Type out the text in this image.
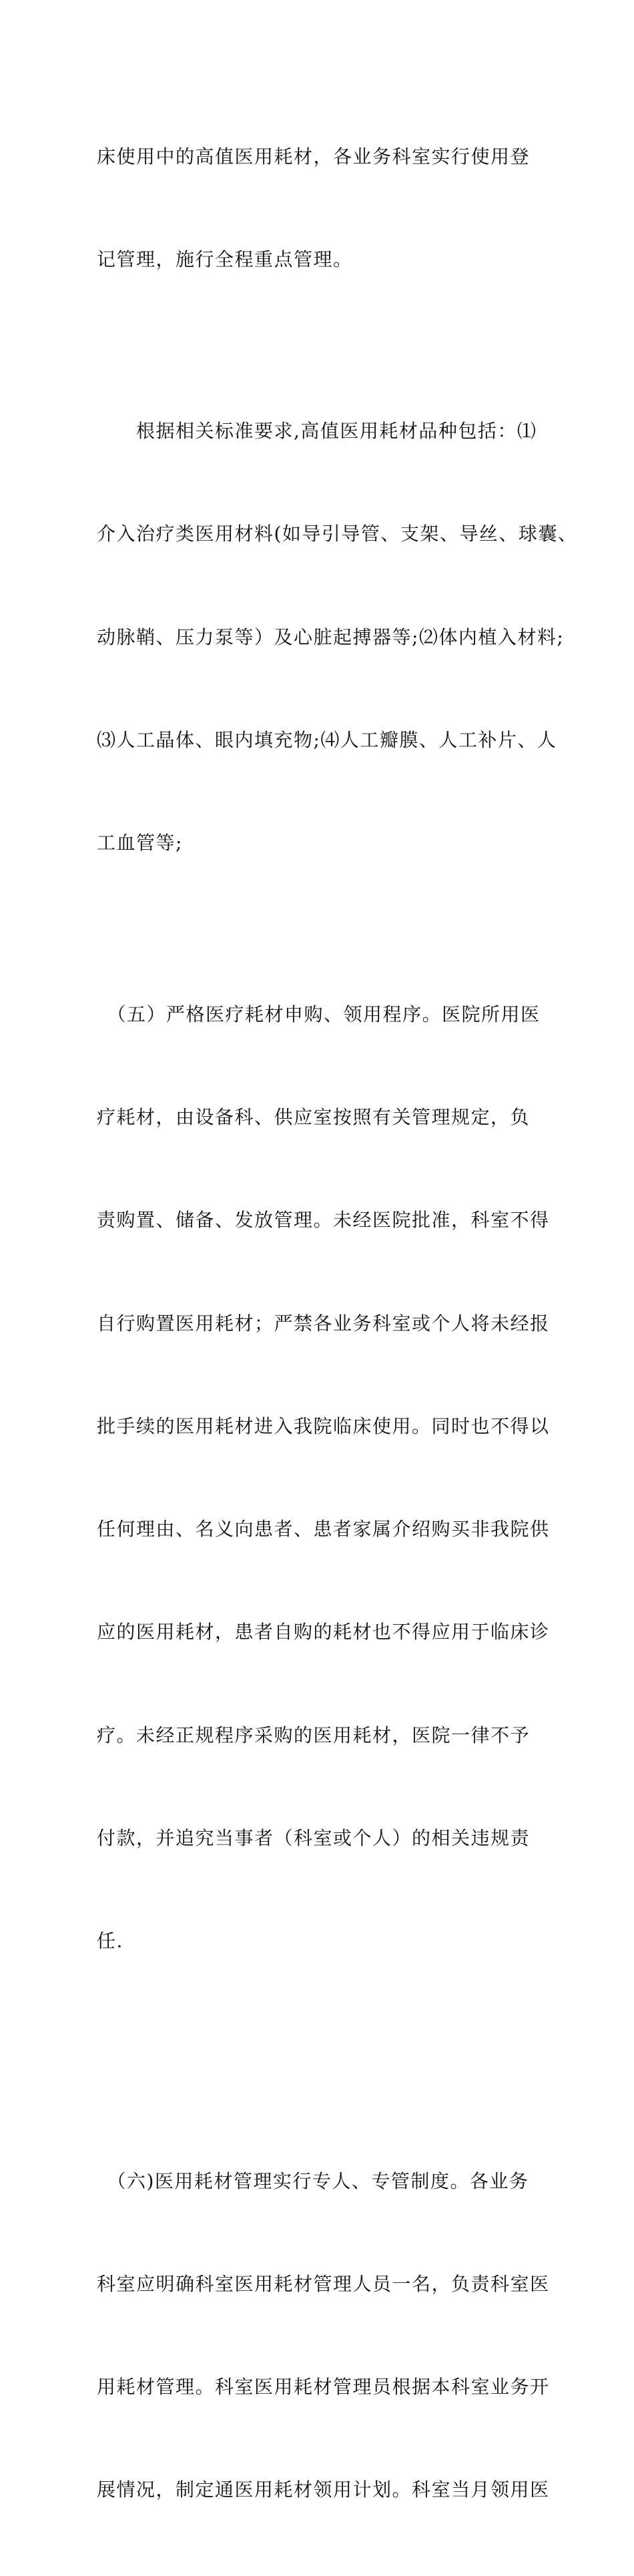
床使用中的高值医用耗材，各业务科室实行使用登

记管理，施行全程重点管理。

　　根据相关标准要求,高值医用耗材品种包括：⑴

介入治疗类医用材料(如导引导管、支架、导丝、球囊、

动脉鞘、压力泵等）及心脏起搏器等;⑵体内植入材料;

⑶人工晶体、眼内填充物;⑷人工瓣膜、人工补片、人

工血管等;

　（五）严格医疗耗材申购、领用程序。医院所用医

疗耗材，由设备科、供应室按照有关管理规定，负

责购置、储备、发放管理。未经医院批准，科室不得

自行购置医用耗材；严禁各业务科室或个人将未经报

批手续的医用耗材进入我院临床使用。同时也不得以

任何理由、名义向患者、患者家属介绍购买非我院供

应的医用耗材，患者自购的耗材也不得应用于临床诊

疗。未经正规程序采购的医用耗材，医院一律不予

付款，并追究当事者（科室或个人）的相关违规责

任.

　（六)医用耗材管理实行专人、专管制度。各业务

科室应明确科室医用耗材管理人员一名，负责科室医

用耗材管理。科室医用耗材管理员根据本科室业务开

展情况，制定通医用耗材领用计划。科室当月领用医
